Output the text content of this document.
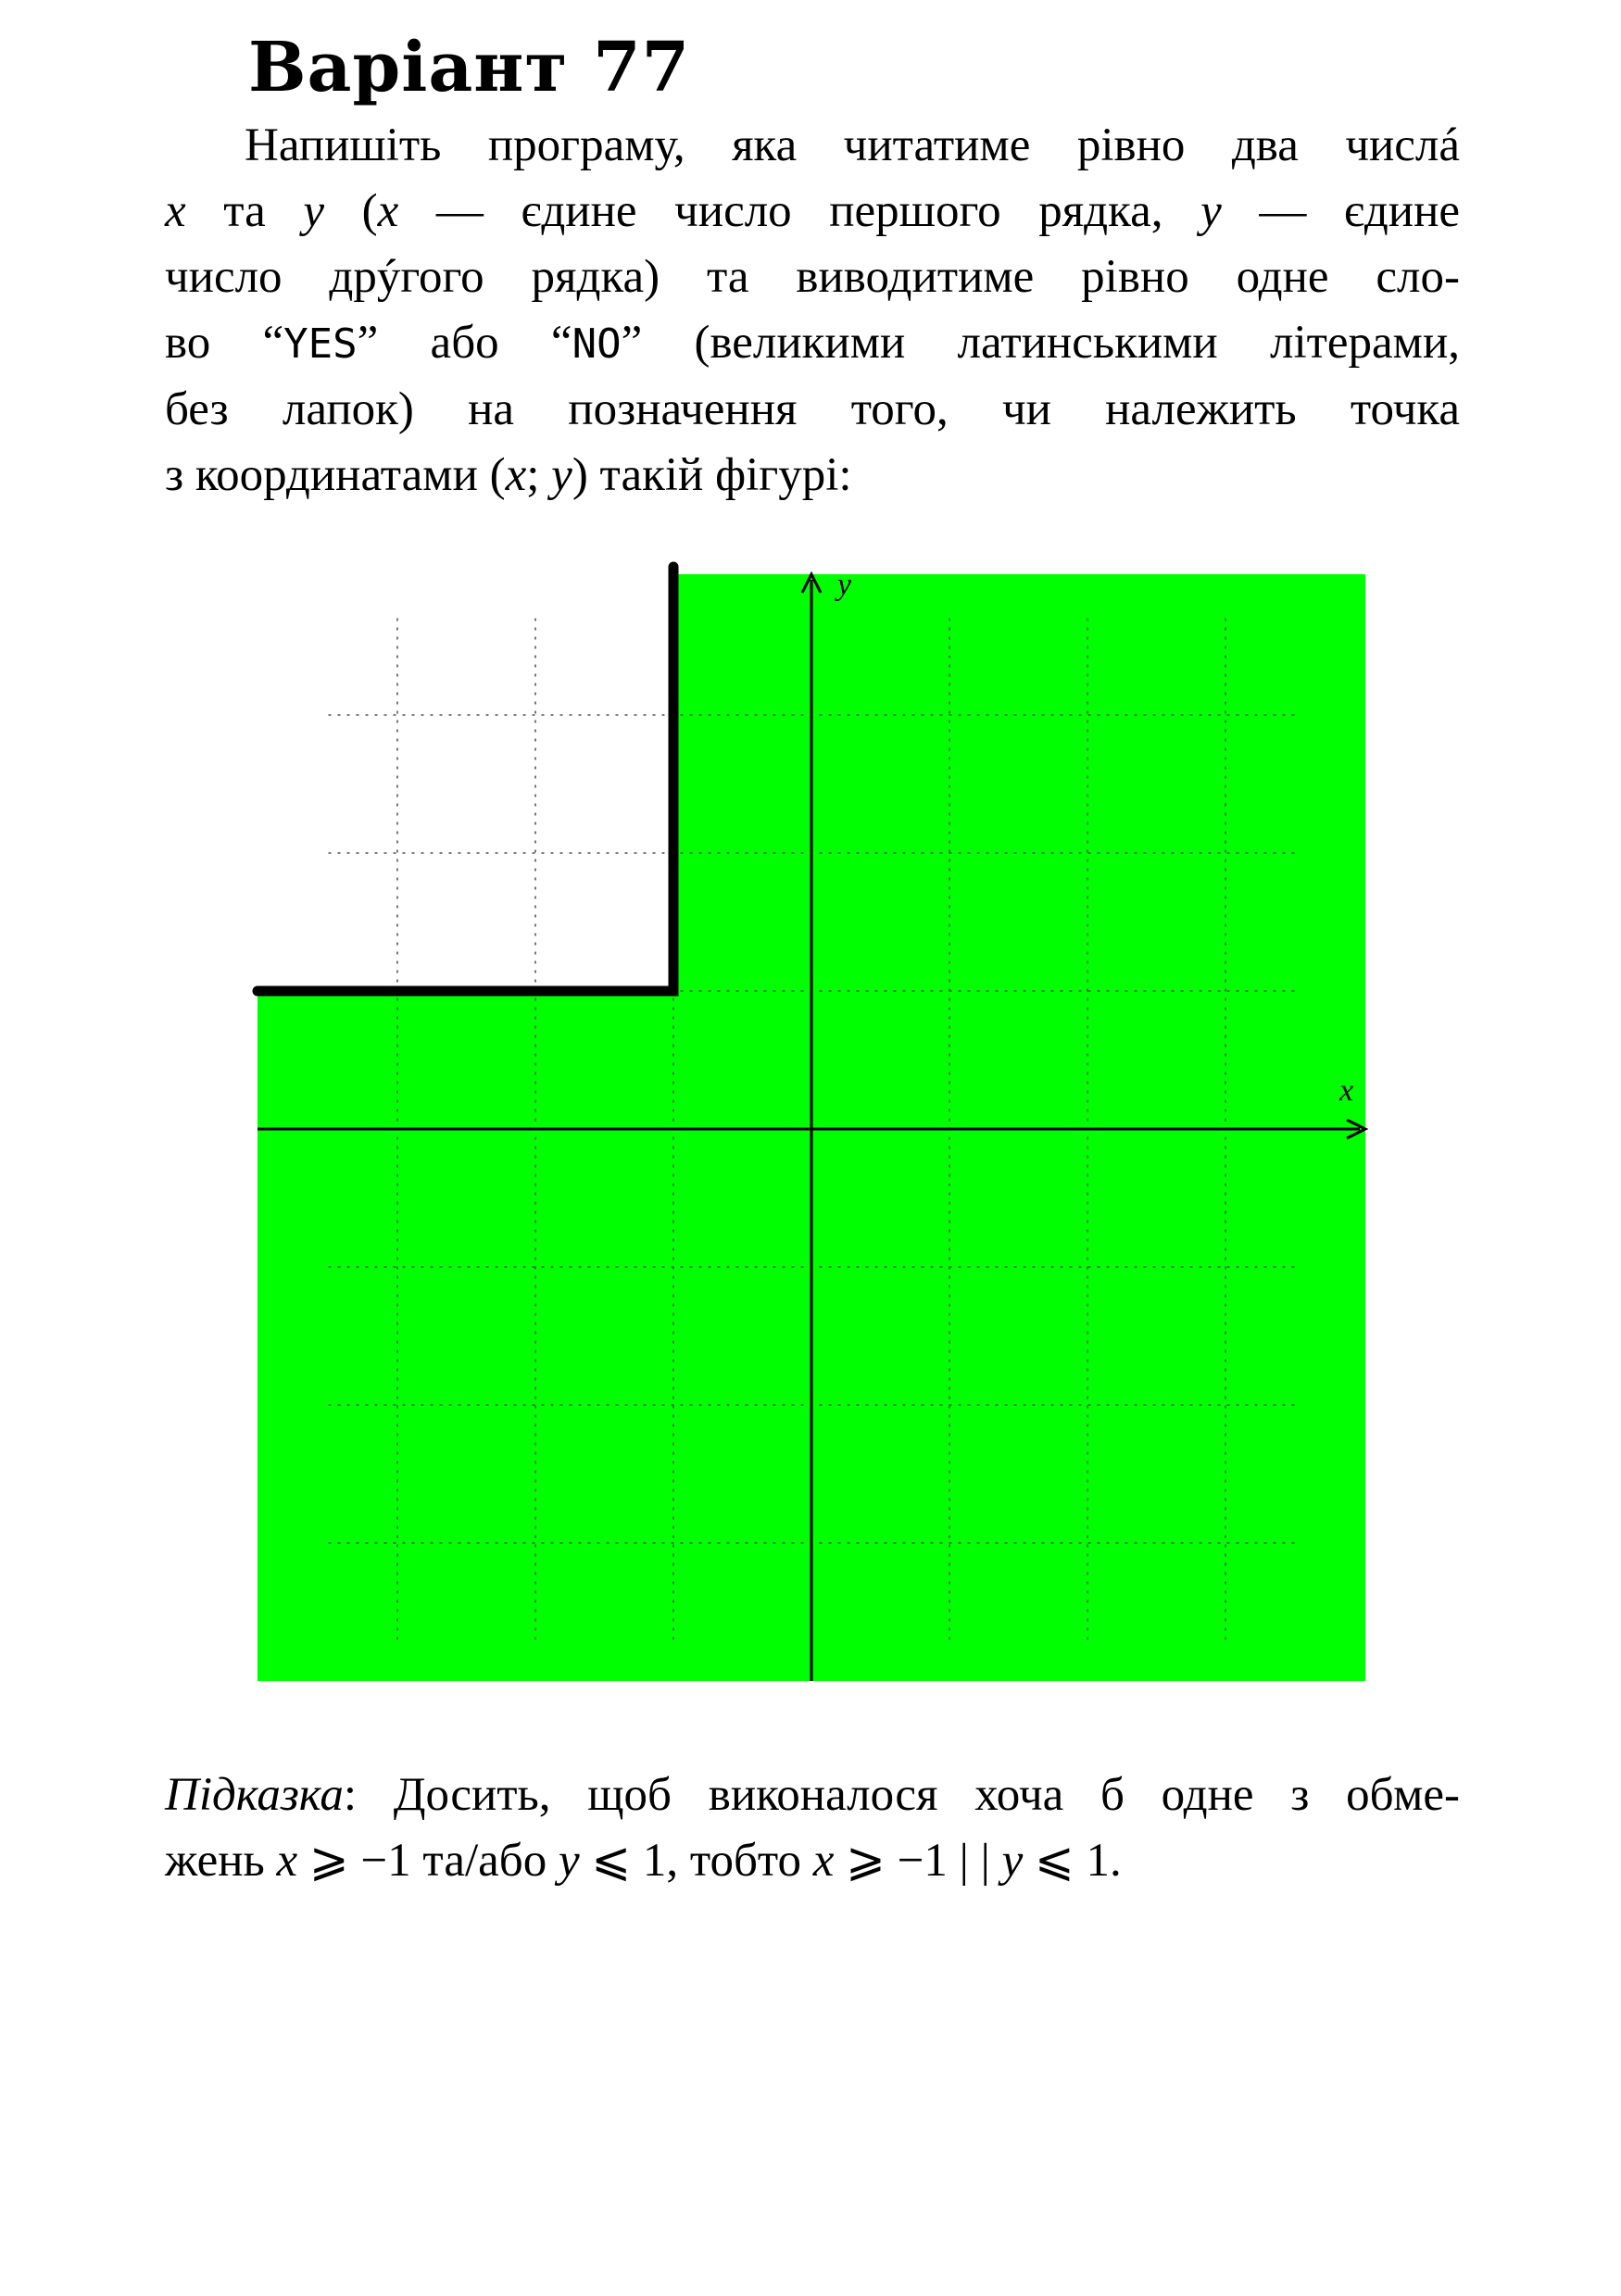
Варіант 77
Напишіть програму, яка читатиме рівно два числá
x та y (x — єдине число першого рядка, y — єдине
число дрýгого рядка) та виводитиме рівно одне сло-
во “YES” або “NO” (великими латинськими літерами,
без лапок) на позначення того, чи належить точка
з координатами (x; y) такій фігурі:
x
y
Підказка: Досить, щоб виконалося хоча б одне з обме-
жень x ⩾ −1 та/або y ⩽ 1, тобто x ⩾ −1 | | y ⩽ 1.
